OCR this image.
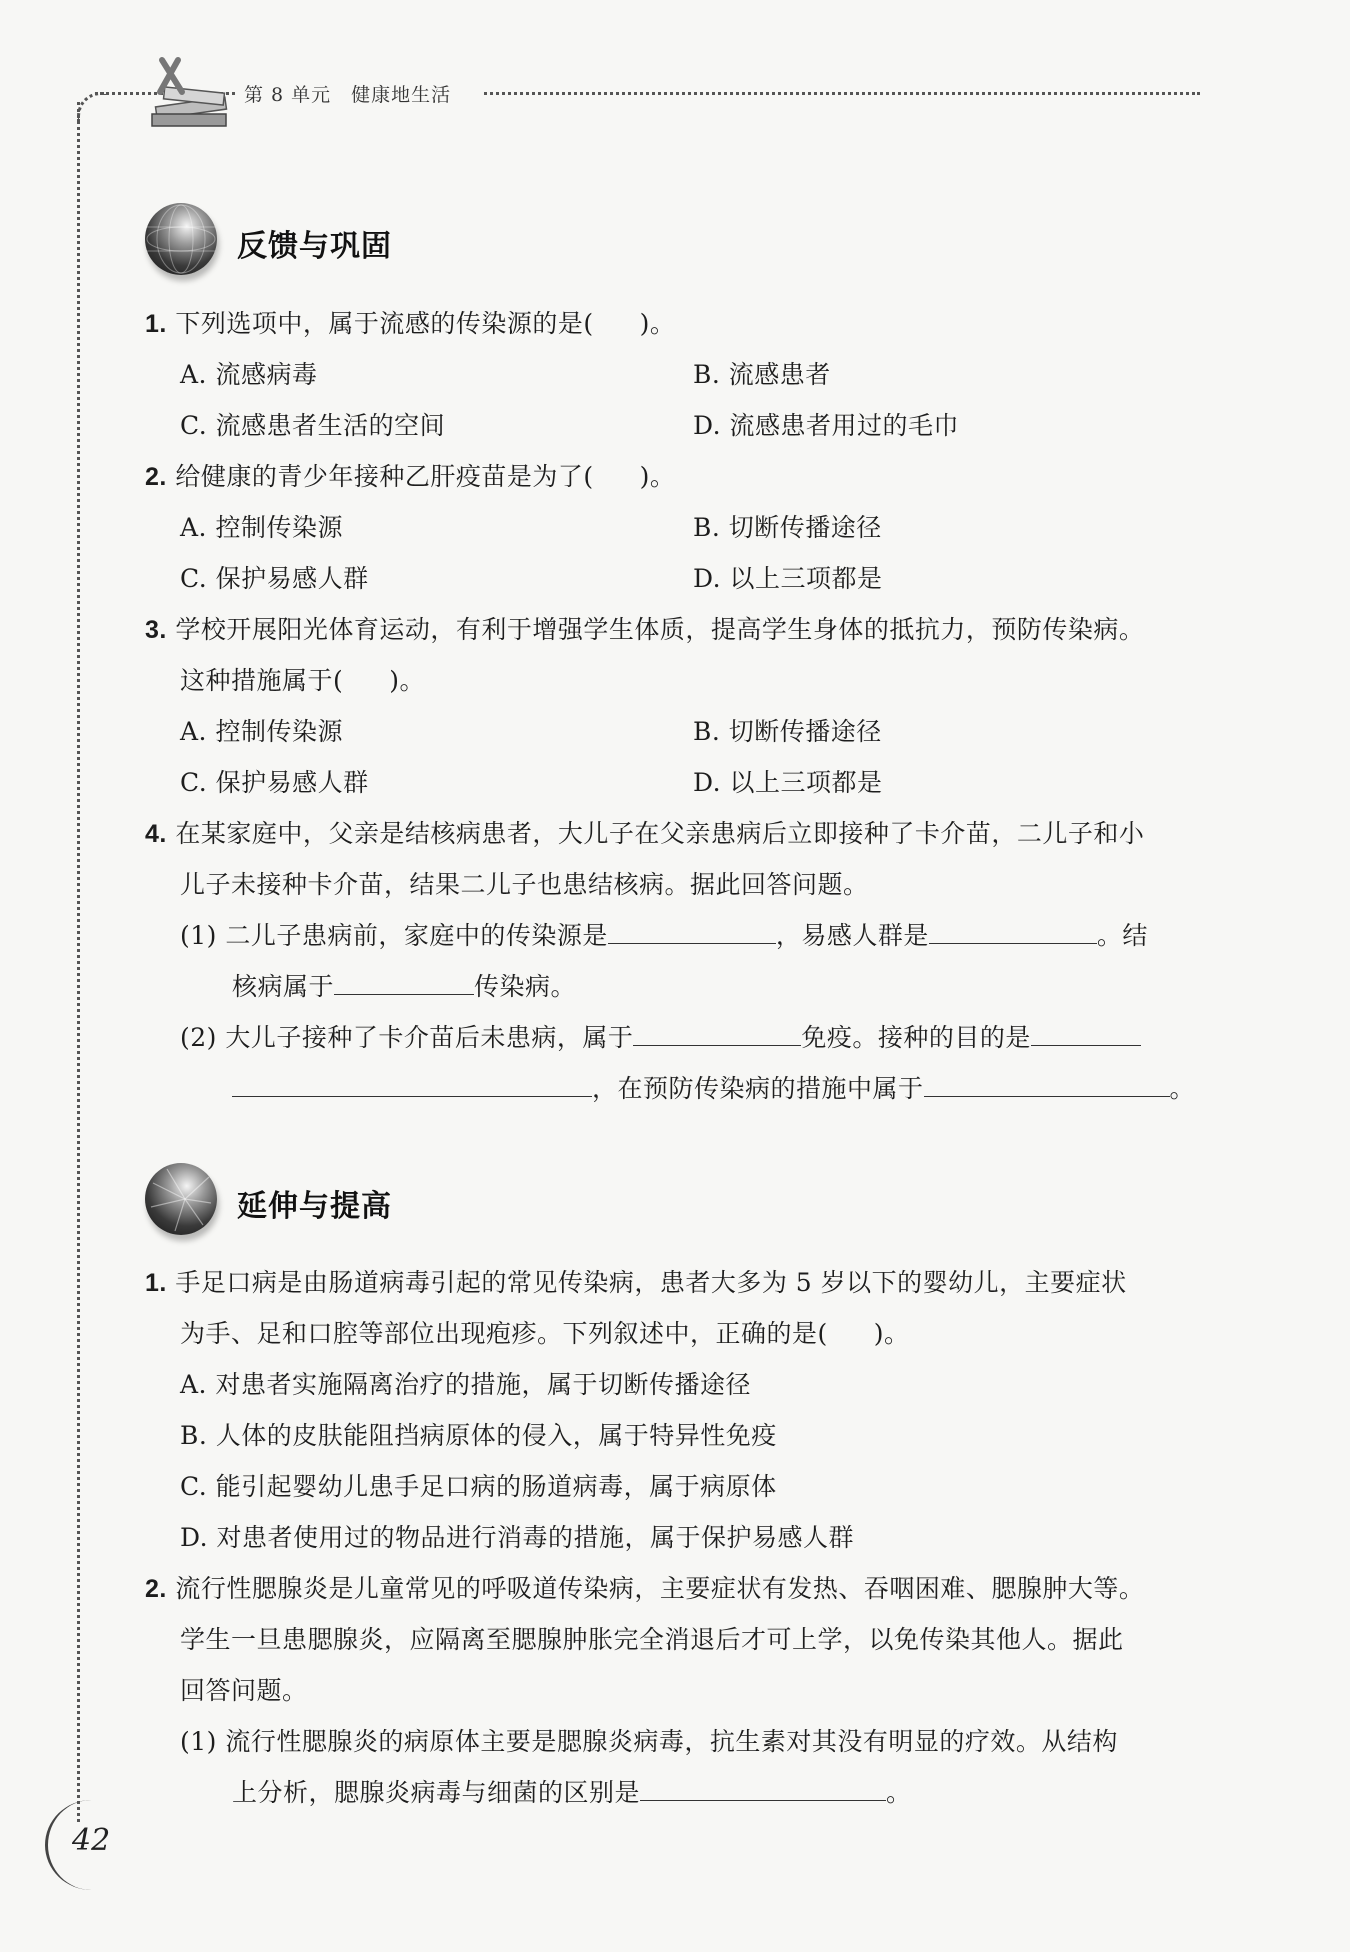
第 8 单元 健康地生活
反馈与巩固
1. 下列选项中，属于流感的传染源的是( )。
A. 流感病毒	B. 流感患者
C. 流感患者生活的空间	D. 流感患者用过的毛巾
2. 给健康的青少年接种乙肝疫苗是为了( )。
A. 控制传染源	B. 切断传播途径
C. 保护易感人群	D. 以上三项都是
3. 学校开展阳光体育运动，有利于增强学生体质，提高学生身体的抵抗力，预防传染病。
这种措施属于( )。
A. 控制传染源	B. 切断传播途径
C. 保护易感人群	D. 以上三项都是
4. 在某家庭中，父亲是结核病患者，大儿子在父亲患病后立即接种了卡介苗，二儿子和小
儿子未接种卡介苗，结果二儿子也患结核病。据此回答问题。
(1) 二儿子患病前，家庭中的传染源是	，易感人群是	。结
核病属于	传染病。
(2) 大儿子接种了卡介苗后未患病，属于	免疫。接种的目的是
，在预防传染病的措施中属于	。
延伸与提高
1. 手足口病是由肠道病毒引起的常见传染病，患者大多为 5 岁以下的婴幼儿，主要症状
为手、足和口腔等部位出现疱疹。下列叙述中，正确的是( )。
A. 对患者实施隔离治疗的措施，属于切断传播途径
B. 人体的皮肤能阻挡病原体的侵入，属于特异性免疫
C. 能引起婴幼儿患手足口病的肠道病毒，属于病原体
D. 对患者使用过的物品进行消毒的措施，属于保护易感人群
2. 流行性腮腺炎是儿童常见的呼吸道传染病，主要症状有发热、吞咽困难、腮腺肿大等。
学生一旦患腮腺炎，应隔离至腮腺肿胀完全消退后才可上学，以免传染其他人。据此
回答问题。
(1) 流行性腮腺炎的病原体主要是腮腺炎病毒，抗生素对其没有明显的疗效。从结构
上分析，腮腺炎病毒与细菌的区别是	。
42
